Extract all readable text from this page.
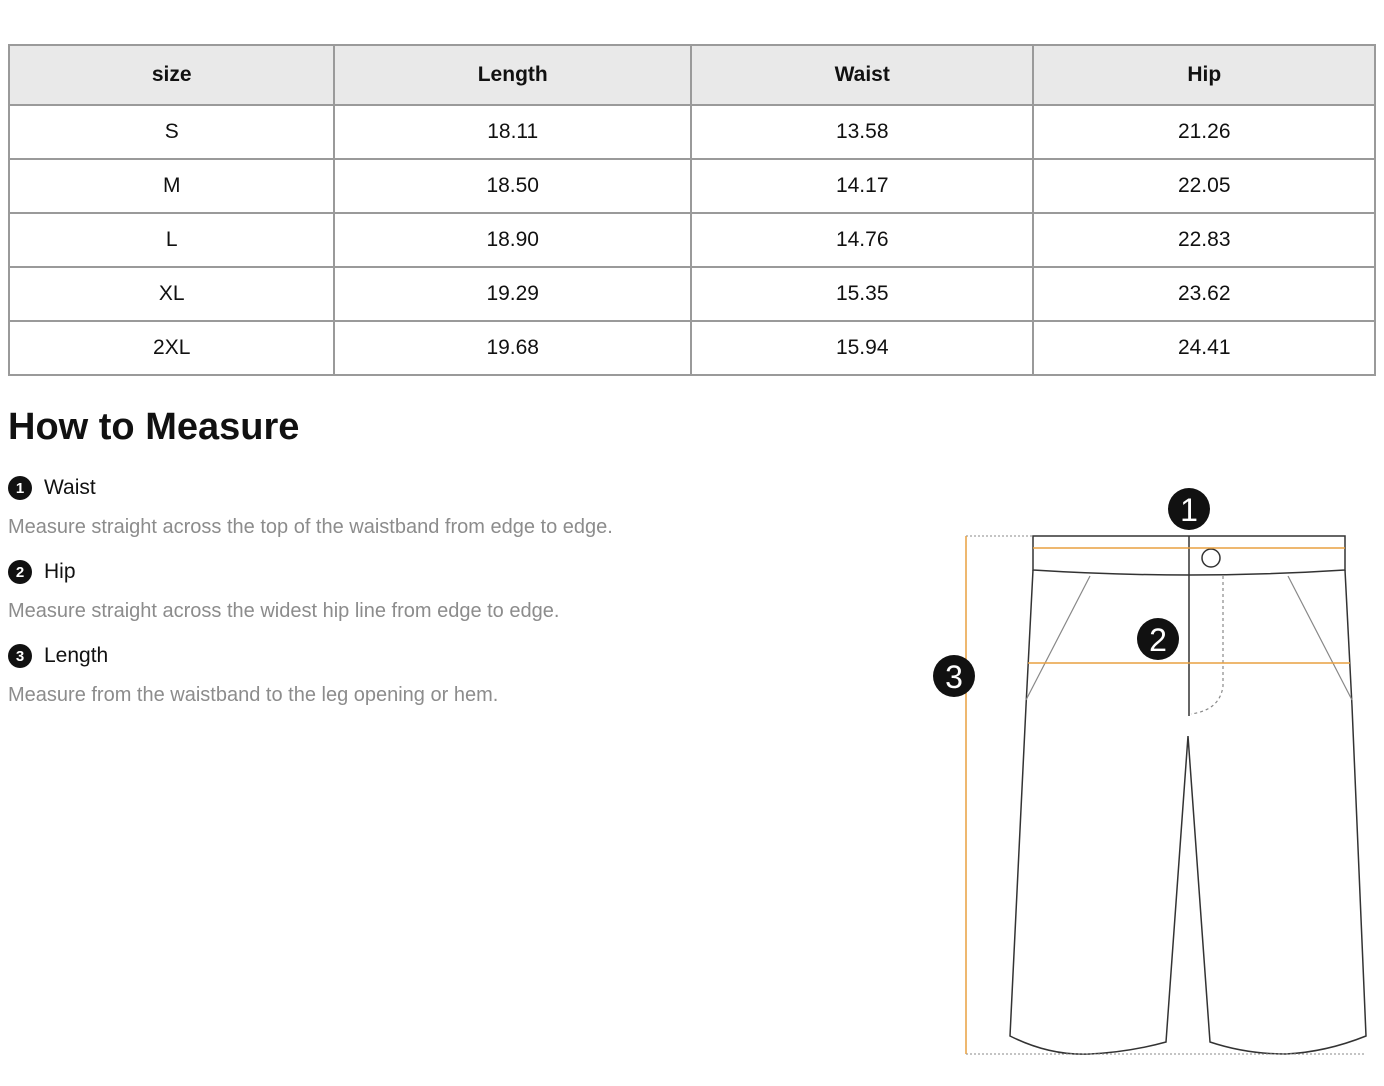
size	Length	Waist	Hip
S	18.11	13.58	21.26
M	18.50	14.17	22.05
L	18.90	14.76	22.83
XL	19.29	15.35	23.62
2XL	19.68	15.94	24.41
How to Measure
1 Waist
Measure straight across the top of the waistband from edge to edge.
2 Hip
Measure straight across the widest hip line from edge to edge.
3 Length
Measure from the waistband to the leg opening or hem.
1
2
3
